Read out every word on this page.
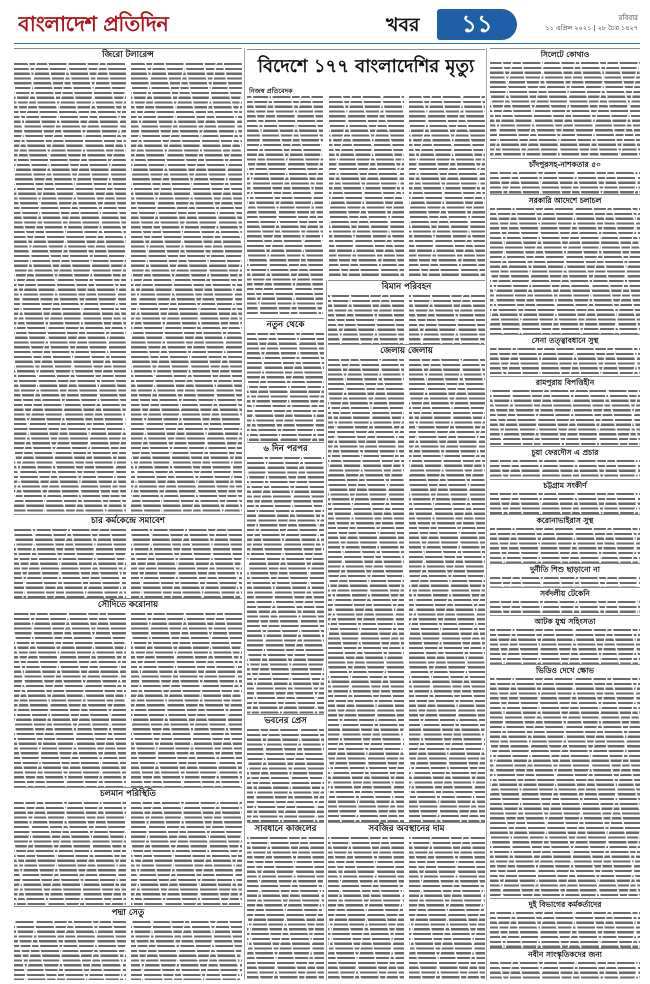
বাংলাদেশ প্রতিদিন	খবর	১১	রবিবার
১১ এপ্রিল ২০২১ | ২৮ চৈত্র ১৪২৭
জিরো টলারেন্স
চার কর্মকেন্দ্রে সমাবেশ
সৌদিতে করোনায়
চলমান পরিস্থিতি
পদ্মা সেতু
বিদেশে ১৭৭ বাংলাদেশির মৃত্যু
নিজস্ব প্রতিবেদক
বিমান পরিবহন
জেলায় জেলায়
সবজির অবস্থানের দাম
নতুন থেকে
৬ দিন পরপর
ভবনের প্রেস
সাবধানে কাজলের
সিলেটে কোথাও
চাঁদপুরসহ-নাশকতার ৫০
সরকারি আদেশে চলাচল
সেনা তত্ত্বাবধানে সুস্থ
রামপুরায় বিপত্তিহীন
চুয়া ফেরদৌস এ প্রচার
চট্টগ্রাম সংকীর্ণ
করোনাভাইরাস সুস্থ
দুর্নীতি শিশু ছাড়ানো না
সর্বদলীয় টেকেনি
আটক যুগ্ম সহিংসতা
ভিডিও দেখে ক্ষোভ
দুই বিভাগের কর্মকর্তাদের
নবীন সাংস্কৃতিকদের জন্য
